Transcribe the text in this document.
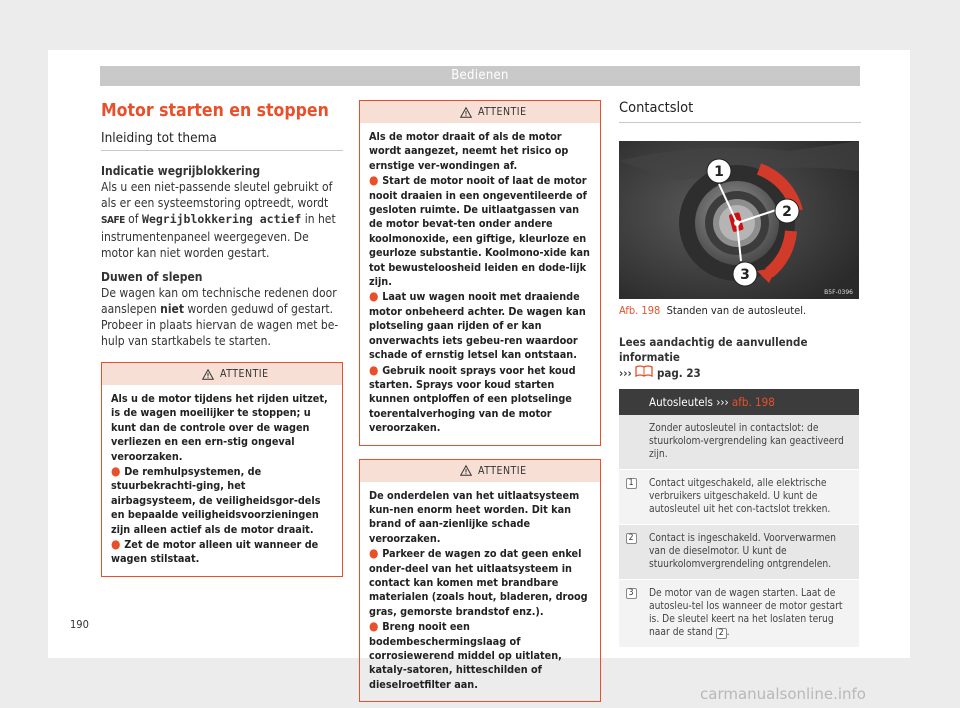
Bedienen
Motor starten en stoppen
Inleiding tot thema

Indicatie wegrijblokkering

Als u een niet-passende sleutel gebruikt of als er een systeemstoring optreedt, wordt SAFE of Wegrijblokkering actief in het instrumentenpaneel weergegeven. De motor kan niet worden gestart.

Duwen of slepen

De wagen kan om technische redenen door aanslepen niet worden geduwd of gestart. Probeer in plaats hiervan de wagen met be-hulp van startkabels te starten.

ATTENTIE
Als u de motor tijdens het rijden uitzet, is de wagen moeilijker te stoppen; u kunt dan de controle over de wagen verliezen en een ern-stig ongeval veroorzaken.
● De remhulpsystemen, de stuurbekrachti-ging, het airbagsysteem, de veiligheidsgor-dels en bepaalde veiligheidsvoorzieningen zijn alleen actief als de motor draait.
● Zet de motor alleen uit wanneer de wagen stilstaat.
ATTENTIE
Als de motor draait of als de motor wordt aangezet, neemt het risico op ernstige ver-wondingen af.
● Start de motor nooit of laat de motor nooit draaien in een ongeventileerde of gesloten ruimte. De uitlaatgassen van de motor bevat-ten onder andere koolmonoxide, een giftige, kleurloze en geurloze substantie. Koolmono-xide kan tot bewusteloosheid leiden en dode-lijk zijn.
● Laat uw wagen nooit met draaiende motor onbeheerd achter. De wagen kan plotseling gaan rijden of er kan onverwachts iets gebeu-ren waardoor schade of ernstig letsel kan ontstaan.
● Gebruik nooit sprays voor het koud starten. Sprays voor koud starten kunnen ontploffen of een plotselinge toerentalverhoging van de motor veroorzaken.
ATTENTIE
De onderdelen van het uitlaatsysteem kun-nen enorm heet worden. Dit kan brand of aan-zienlijke schade veroorzaken.
● Parkeer de wagen zo dat geen enkel onder-deel van het uitlaatsysteem in contact kan komen met brandbare materialen (zoals hout, bladeren, droog gras, gemorste brandstof enz.).
● Breng nooit een bodembeschermingslaag of corrosiewerend middel op uitlaten, kataly-satoren, hitteschilden of dieselroetfilter aan.
Contactslot
1
2
3
B5F-0396
Afb. 198 Standen van de autosleutel.
Lees aandachtig de aanvullende informatie
››› pag. 23
Autosleutels ››› afb. 198
Zonder autosleutel in contactslot: de stuurkolom-vergrendeling kan geactiveerd zijn.
1	Contact uitgeschakeld, alle elektrische verbruikers uitgeschakeld. U kunt de autosleutel uit het con-tactslot trekken.
2	Contact is ingeschakeld. Voorverwarmen van de dieselmotor. U kunt de stuurkolomvergrendeling ontgrendelen.
3	De motor van de wagen starten. Laat de autosleu-tel los wanneer de motor gestart is. De sleutel keert na het loslaten terug naar de stand 2 .
190
carmanualsonline.info
